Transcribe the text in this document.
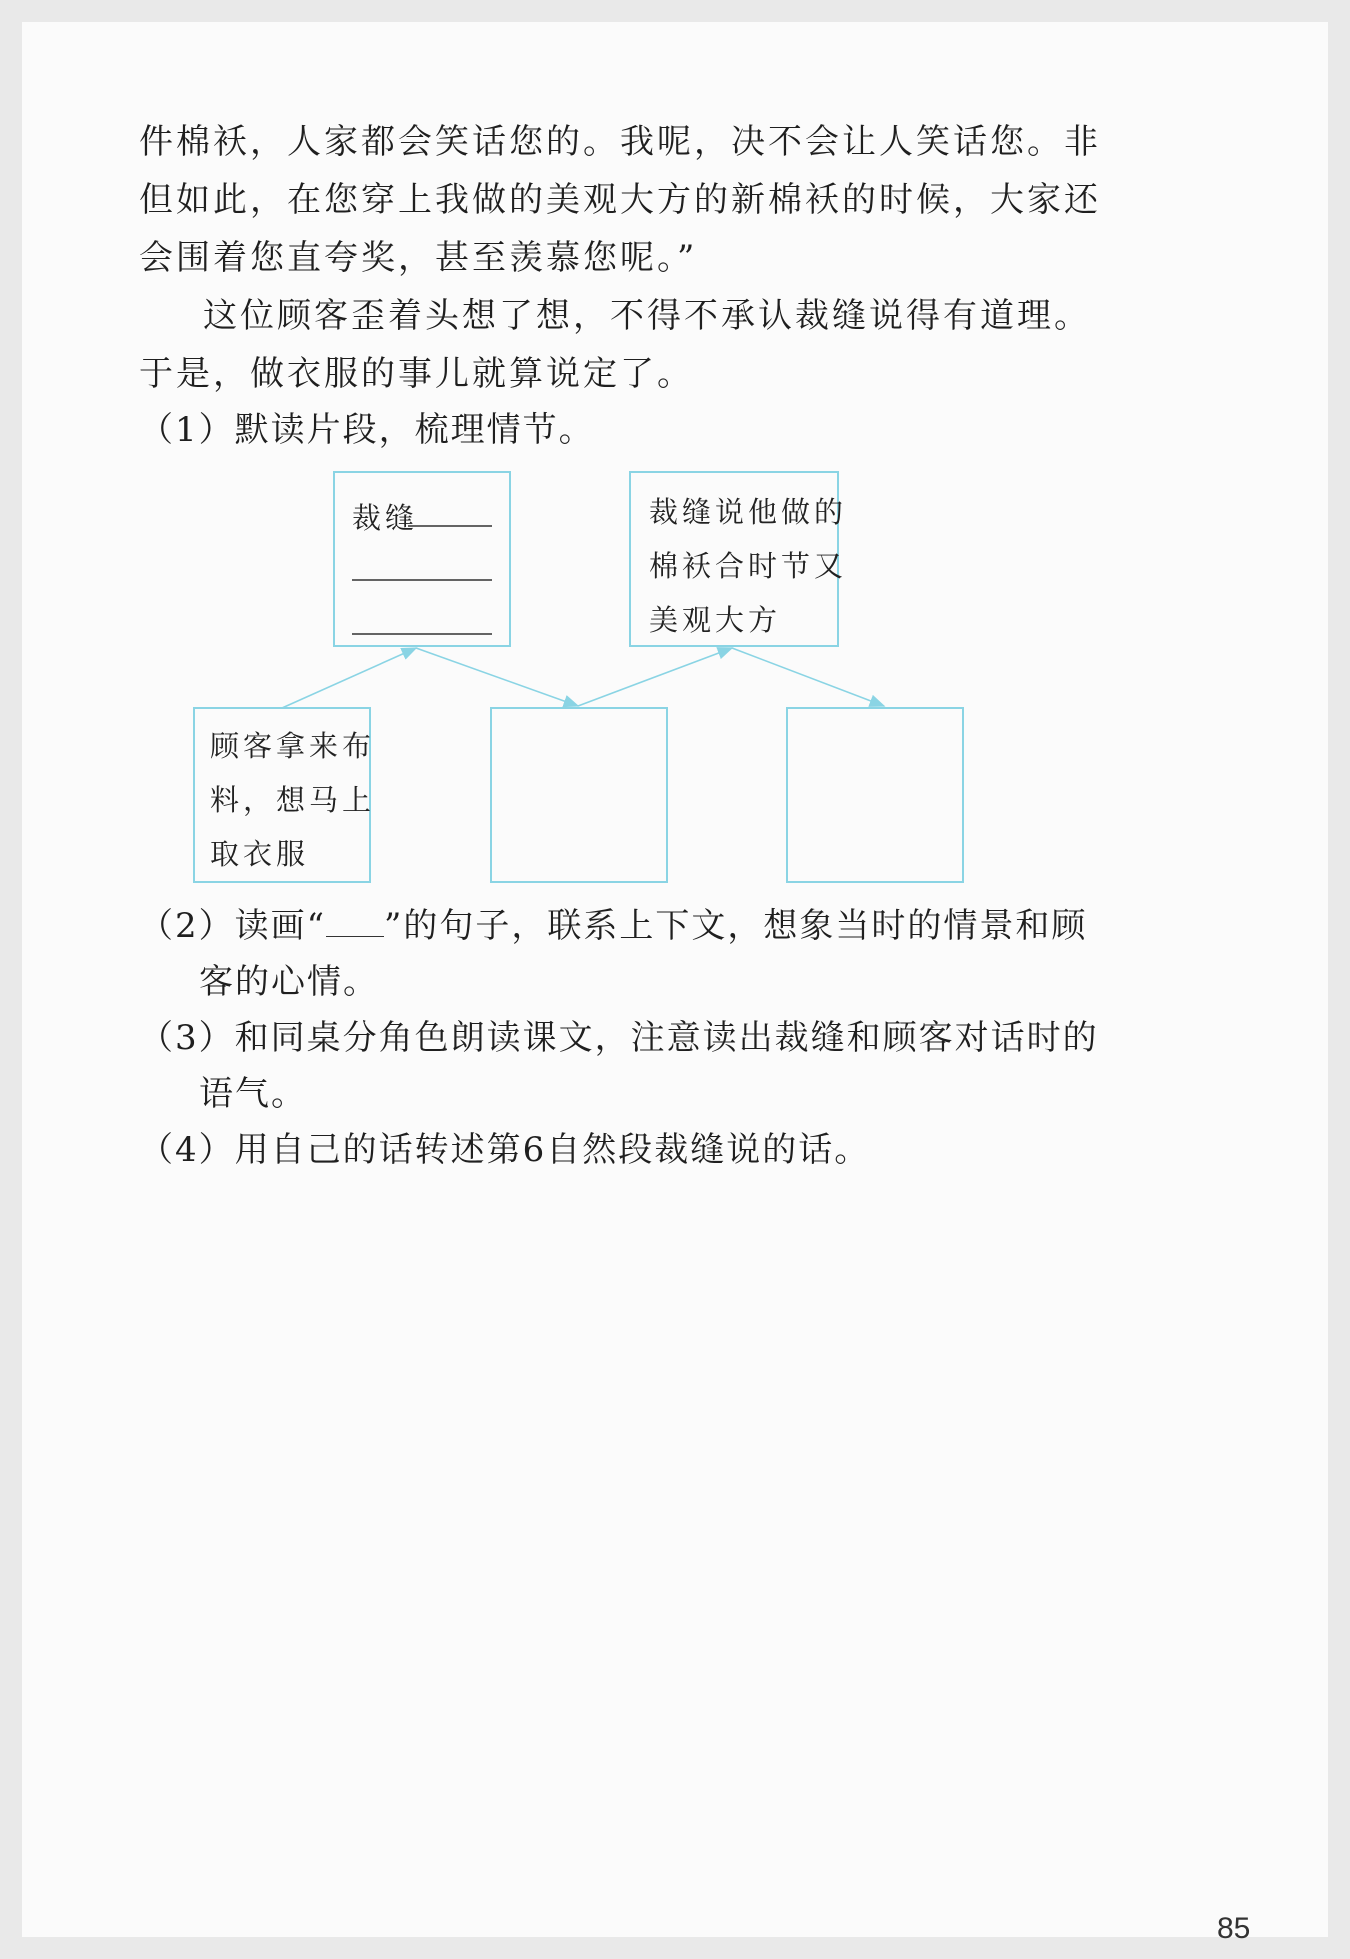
件棉袄，人家都会笑话您的。我呢，决不会让人笑话您。非

但如此，在您穿上我做的美观大方的新棉袄的时候，大家还

会围着您直夸奖，甚至羡慕您呢。”

这位顾客歪着头想了想，不得不承认裁缝说得有道理。

于是，做衣服的事儿就算说定了。

（1）默读片段，梳理情节。

裁缝	裁缝说他做的

棉袄合时节又

美观大方

顾客拿来布

料，想马上

取衣服

（2）读画“ ”的句子，联系上下文，想象当时的情景和顾

客的心情。

（3）和同桌分角色朗读课文，注意读出裁缝和顾客对话时的

语气。

（4）用自己的话转述第6自然段裁缝说的话。

85
